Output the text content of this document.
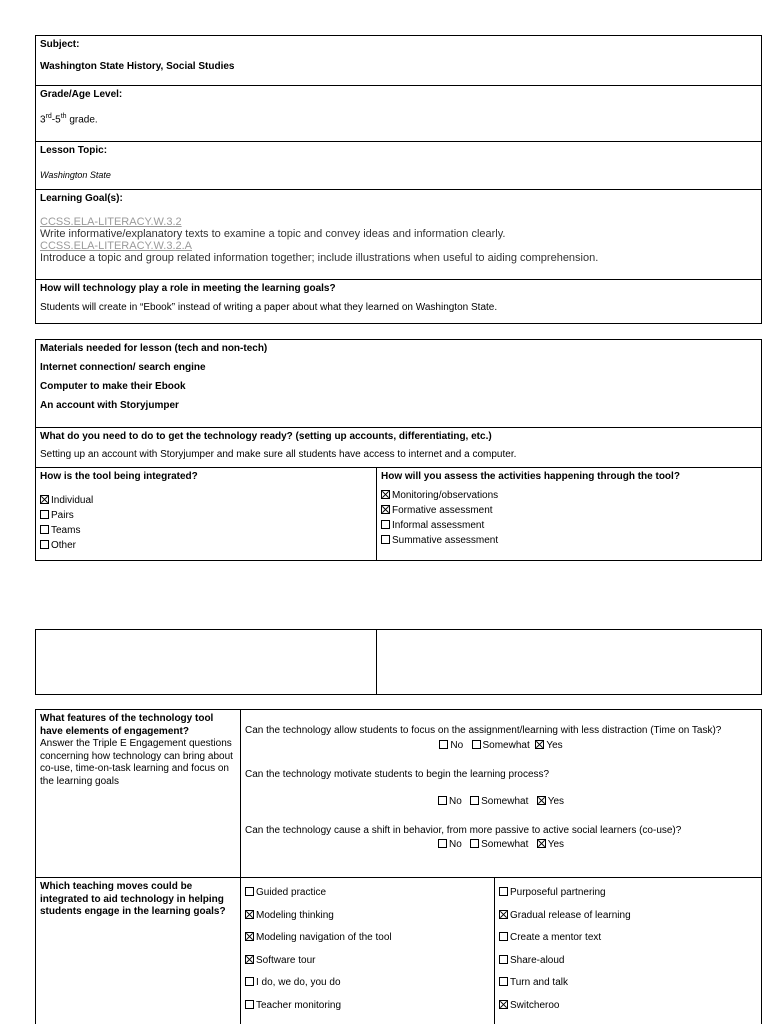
Subject:
Washington State History, Social Studies
Grade/Age Level:
3rd-5th grade.
Lesson Topic:
Washington State
Learning Goal(s):
CCSS.ELA-LITERACY.W.3.2
Write informative/explanatory texts to examine a topic and convey ideas and information clearly.
CCSS.ELA-LITERACY.W.3.2.A
Introduce a topic and group related information together; include illustrations when useful to aiding comprehension.
How will technology play a role in meeting the learning goals?
Students will create in “Ebook” instead of writing a paper about what they learned on Washington State.
Materials needed for lesson (tech and non-tech)
Internet connection/ search engine
Computer to make their Ebook
An account with Storyjumper
What do you need to do to get the technology ready? (setting up accounts, differentiating, etc.)
Setting up an account with Storyjumper and make sure all students have access to internet and a computer.
How is the tool being integrated?
Individual
Pairs
Teams
Other
How will you assess the activities happening through the tool?
Monitoring/observations
Formative assessment
Informal assessment
Summative assessment
What features of the technology tool have elements of engagement?
Answer the Triple E Engagement questions concerning how technology can bring about co-use, time-on-task learning and focus on the learning goals
Can the technology allow students to focus on the assignment/learning with less distraction (Time on Task)?
No Somewhat Yes
Can the technology motivate students to begin the learning process?
No Somewhat Yes
Can the technology cause a shift in behavior, from more passive to active social learners (co-use)?
No Somewhat Yes
Which teaching moves could be integrated to aid technology in helping students engage in the learning goals?
Guided practice
Modeling thinking
Modeling navigation of the tool
Software tour
I do, we do, you do
Teacher monitoring
Purposeful partnering
Gradual release of learning
Create a mentor text
Share-aloud
Turn and talk
Switcheroo
